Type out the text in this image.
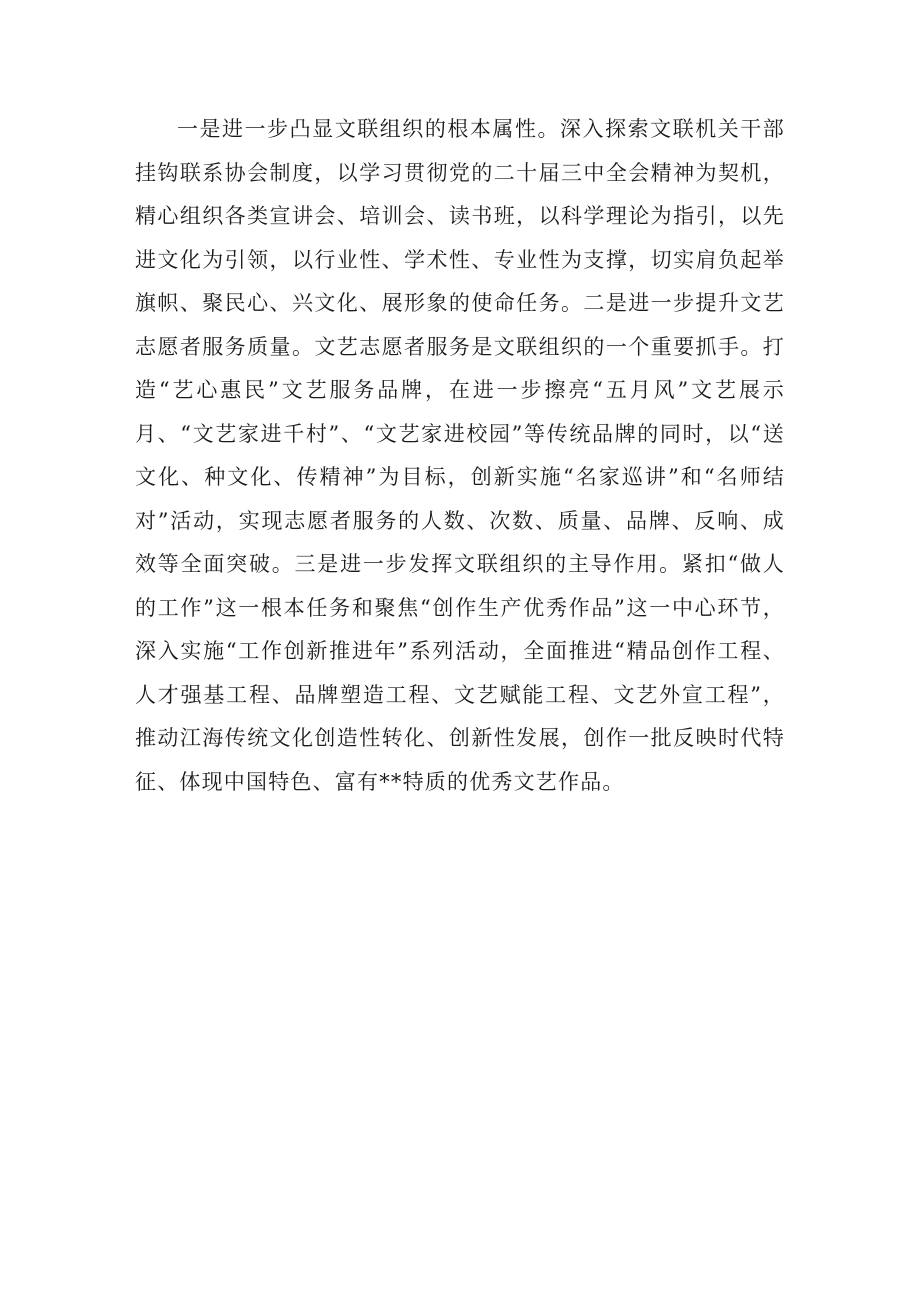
一是进一步凸显文联组织的根本属性。深入探索文联机关干部挂钩联系协会制度，以学习贯彻党的二十届三中全会精神为契机，精心组织各类宣讲会、培训会、读书班，以科学理论为指引，以先进文化为引领，以行业性、学术性、专业性为支撑，切实肩负起举旗帜、聚民心、兴文化、展形象的使命任务。二是进一步提升文艺志愿者服务质量。文艺志愿者服务是文联组织的一个重要抓手。打造“艺心惠民”文艺服务品牌，在进一步擦亮“五月风”文艺展示月、“文艺家进千村”、“文艺家进校园”等传统品牌的同时，以“送文化、种文化、传精神”为目标，创新实施“名家巡讲”和“名师结对”活动，实现志愿者服务的人数、次数、质量、品牌、反响、成效等全面突破。三是进一步发挥文联组织的主导作用。紧扣“做人的工作”这一根本任务和聚焦“创作生产优秀作品”这一中心环节，深入实施“工作创新推进年”系列活动，全面推进“精品创作工程、人才强基工程、品牌塑造工程、文艺赋能工程、文艺外宣工程”，推动江海传统文化创造性转化、创新性发展，创作一批反映时代特征、体现中国特色、富有**特质的优秀文艺作品。
